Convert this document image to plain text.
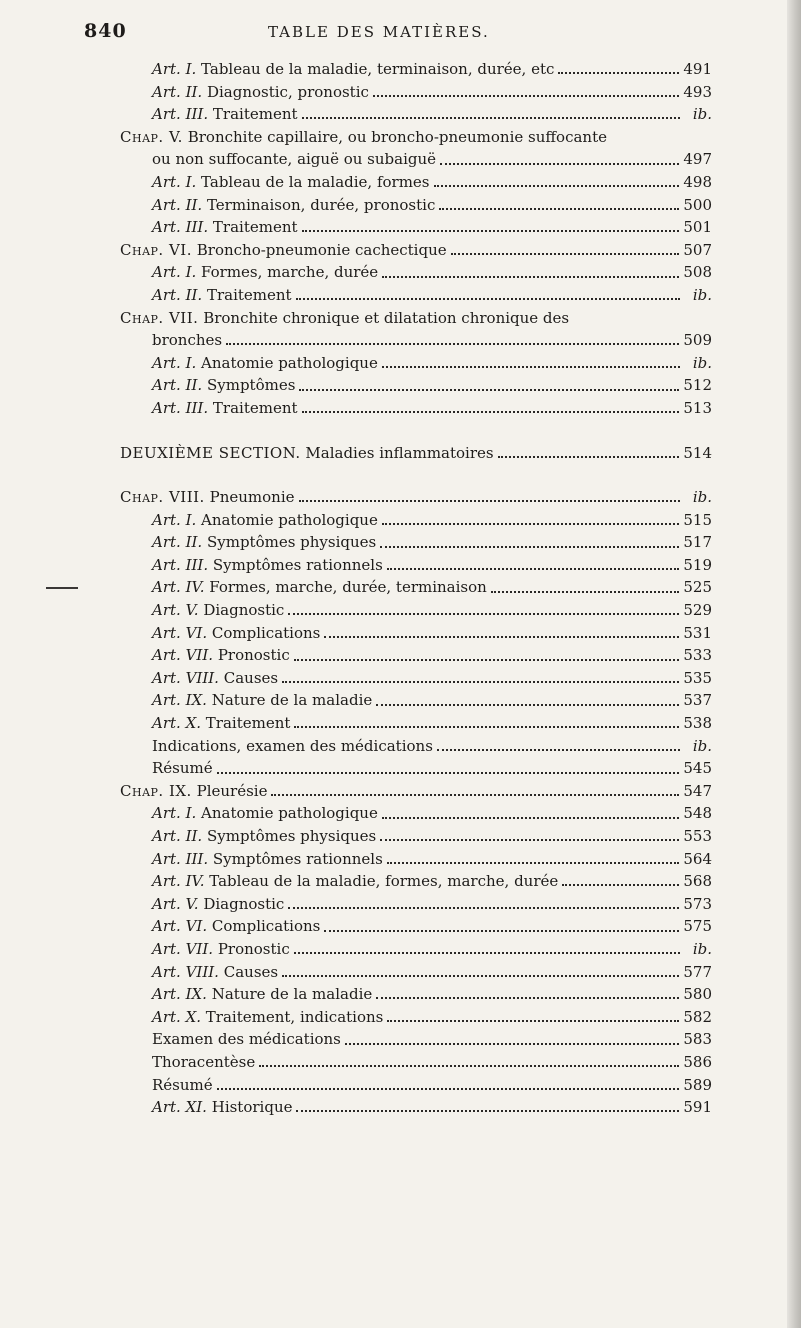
840	TABLE DES MATIÈRES.
Art. I. Tableau de la maladie, terminaison, durée, etc	491
Art. II. Diagnostic, pronostic	493
Art. III. Traitement	ib.
Chap. V. Bronchite capillaire, ou broncho-pneumonie suffocante
ou non suffocante, aiguë ou subaiguë	497
Art. I. Tableau de la maladie, formes	498
Art. II. Terminaison, durée, pronostic	500
Art. III. Traitement	501
Chap. VI. Broncho-pneumonie cachectique	507
Art. I. Formes, marche, durée	508
Art. II. Traitement	ib.
Chap. VII. Bronchite chronique et dilatation chronique des
bronches	509
Art. I. Anatomie pathologique	ib.
Art. II. Symptômes	512
Art. III. Traitement	513
DEUXIÈME SECTION. Maladies inflammatoires	514
Chap. VIII. Pneumonie	ib.
Art. I. Anatomie pathologique	515
Art. II. Symptômes physiques	517
Art. III. Symptômes rationnels	519
Art. IV. Formes, marche, durée, terminaison	525
Art. V. Diagnostic	529
Art. VI. Complications	531
Art. VII. Pronostic	533
Art. VIII. Causes	535
Art. IX. Nature de la maladie	537
Art. X. Traitement	538
Indications, examen des médications	ib.
Résumé	545
Chap. IX. Pleurésie	547
Art. I. Anatomie pathologique	548
Art. II. Symptômes physiques	553
Art. III. Symptômes rationnels	564
Art. IV. Tableau de la maladie, formes, marche, durée	568
Art. V. Diagnostic	573
Art. VI. Complications	575
Art. VII. Pronostic	ib.
Art. VIII. Causes	577
Art. IX. Nature de la maladie	580
Art. X. Traitement, indications	582
Examen des médications	583
Thoracentèse	586
Résumé	589
Art. XI. Historique	591
